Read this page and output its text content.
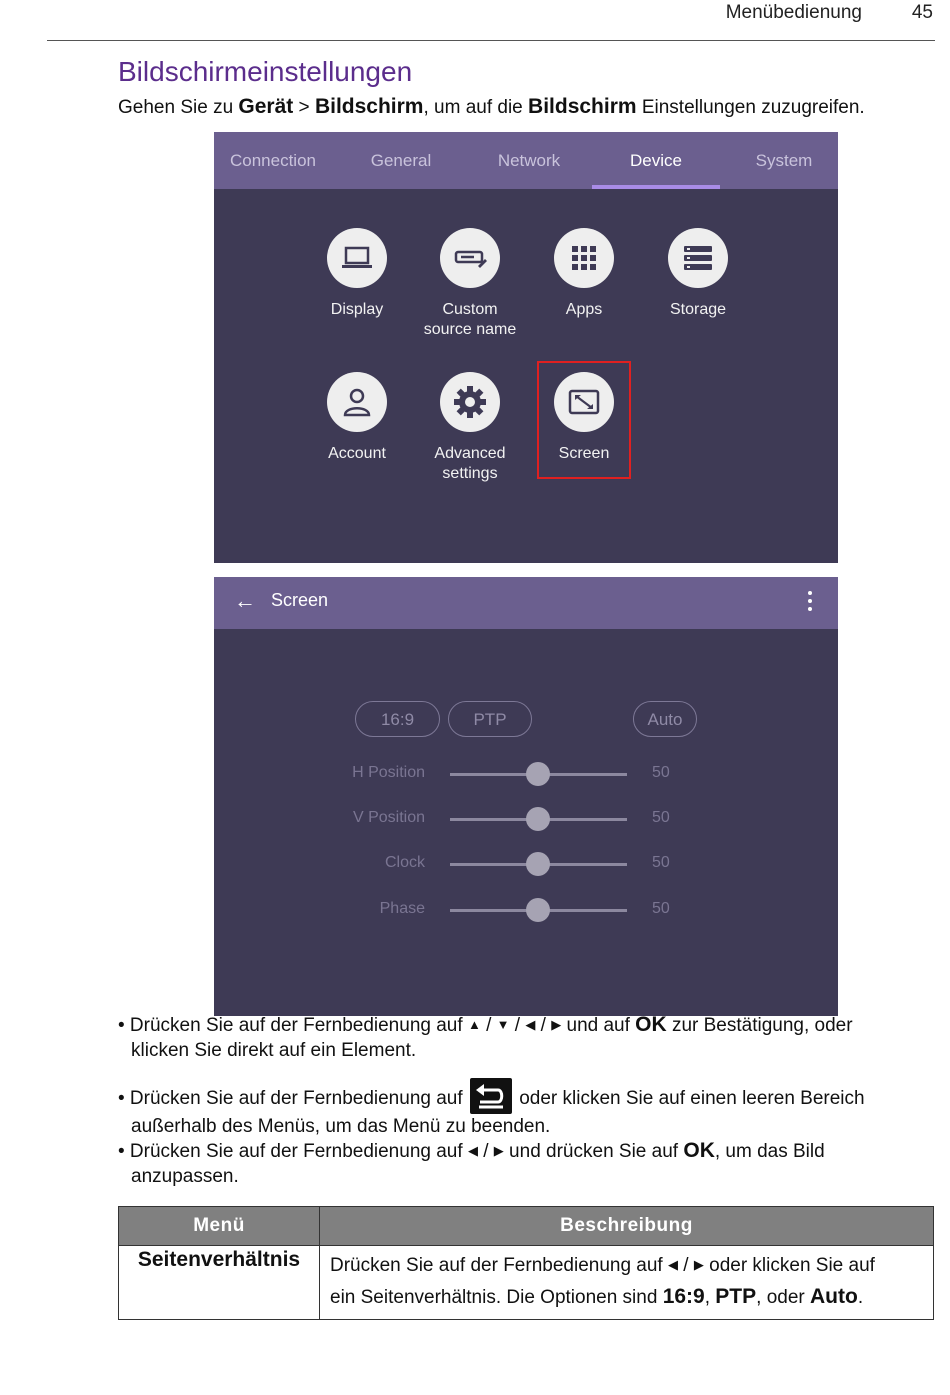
Menübedienung	45
Bildschirmeinstellungen
Gehen Sie zu Gerät > Bildschirm, um auf die Bildschirm Einstellungen zuzugreifen.
Connection	General	Network	Device	System
Display	Custom
source name
Apps	Storage
Account	Advanced
settings
Screen
← Screen
16:9	PTP	Auto
H Position	50
V Position	50
Clock	50
Phase	50
• Drücken Sie auf der Fernbedienung auf ▲ / ▼ / ◀ / ▶ und auf OK zur Bestätigung, oder
klicken Sie direkt auf ein Element.
• Drücken Sie auf der Fernbedienung auf  oder klicken Sie auf einen leeren Bereich
außerhalb des Menüs, um das Menü zu beenden.
• Drücken Sie auf der Fernbedienung auf ◀ / ▶ und drücken Sie auf OK, um das Bild
anzupassen.
Menü	Beschreibung
Seitenverhältnis	Drücken Sie auf der Fernbedienung auf ◀ / ▶ oder klicken Sie auf
ein Seitenverhältnis. Die Optionen sind 16:9, PTP, oder Auto.
